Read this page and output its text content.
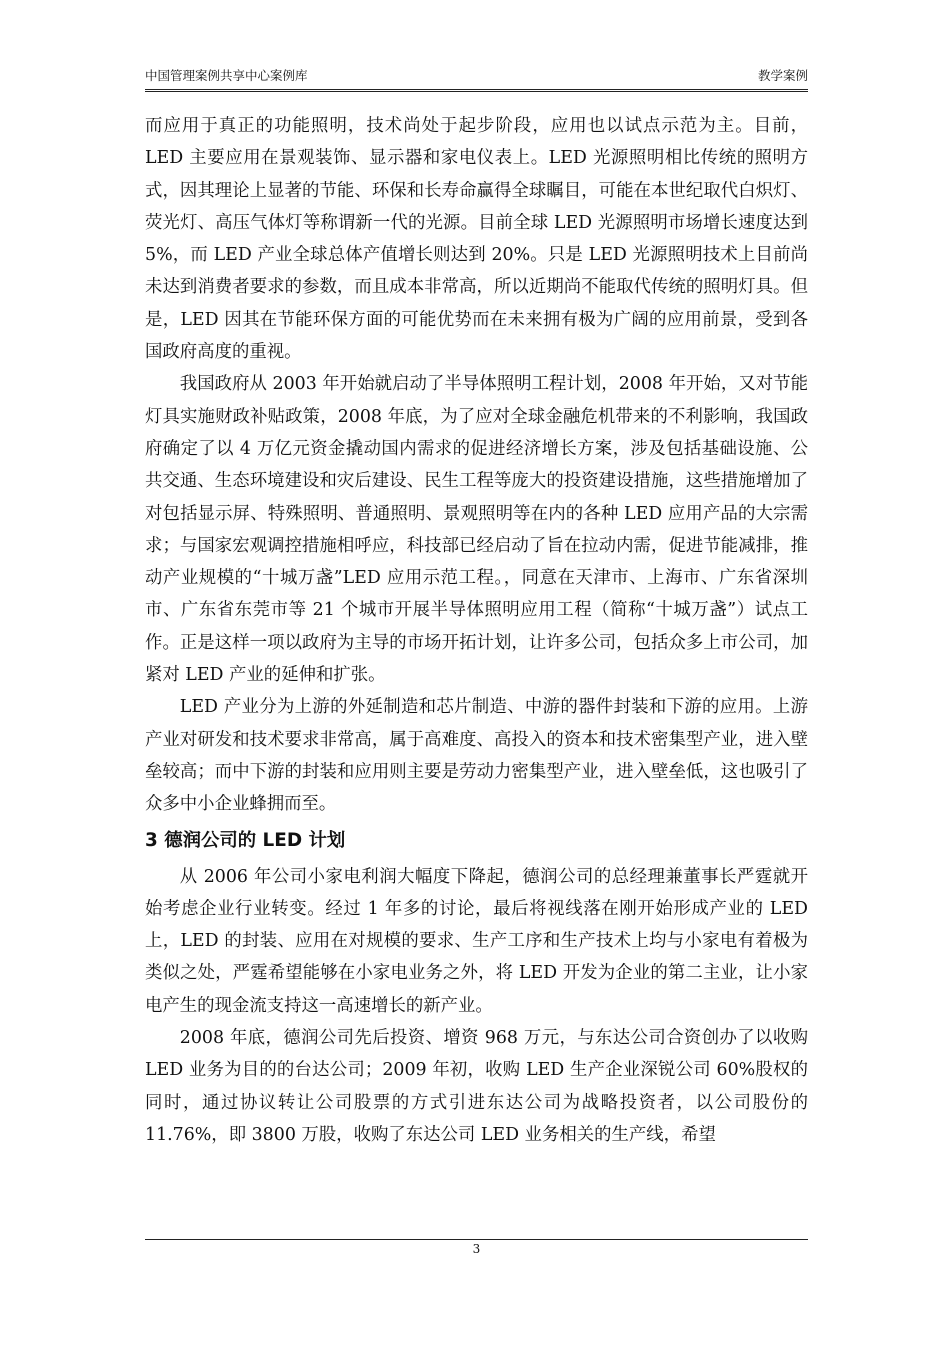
中国管理案例共享中心案例库	教学案例

而应用于真正的功能照明，技术尚处于起步阶段，应用也以试点示范为主。目前，LED 主要应用在景观装饰、显示器和家电仪表上。LED 光源照明相比传统的照明方式，因其理论上显著的节能、环保和长寿命赢得全球瞩目，可能在本世纪取代白炽灯、荧光灯、高压气体灯等称谓新一代的光源。目前全球 LED 光源照明市场增长速度达到 5%，而 LED 产业全球总体产值增长则达到 20%。只是 LED 光源照明技术上目前尚未达到消费者要求的参数，而且成本非常高，所以近期尚不能取代传统的照明灯具。但是，LED 因其在节能环保方面的可能优势而在未来拥有极为广阔的应用前景，受到各国政府高度的重视。

我国政府从 2003 年开始就启动了半导体照明工程计划，2008 年开始，又对节能灯具实施财政补贴政策，2008 年底，为了应对全球金融危机带来的不利影响，我国政府确定了以 4 万亿元资金撬动国内需求的促进经济增长方案，涉及包括基础设施、公共交通、生态环境建设和灾后建设、民生工程等庞大的投资建设措施，这些措施增加了对包括显示屏、特殊照明、普通照明、景观照明等在内的各种 LED 应用产品的大宗需求；与国家宏观调控措施相呼应，科技部已经启动了旨在拉动内需，促进节能减排，推动产业规模的“十城万盏”LED 应用示范工程。，同意在天津市、上海市、广东省深圳市、广东省东莞市等 21 个城市开展半导体照明应用工程（简称“十城万盏”）试点工作。正是这样一项以政府为主导的市场开拓计划，让许多公司，包括众多上市公司，加紧对 LED 产业的延伸和扩张。

LED 产业分为上游的外延制造和芯片制造、中游的器件封装和下游的应用。上游产业对研发和技术要求非常高，属于高难度、高投入的资本和技术密集型产业，进入壁垒较高；而中下游的封装和应用则主要是劳动力密集型产业，进入壁垒低，这也吸引了众多中小企业蜂拥而至。

3 德润公司的 LED 计划

从 2006 年公司小家电利润大幅度下降起，德润公司的总经理兼董事长严霆就开始考虑企业行业转变。经过 1 年多的讨论，最后将视线落在刚开始形成产业的 LED 上，LED 的封装、应用在对规模的要求、生产工序和生产技术上均与小家电有着极为类似之处，严霆希望能够在小家电业务之外，将 LED 开发为企业的第二主业，让小家电产生的现金流支持这一高速增长的新产业。

2008 年底，德润公司先后投资、增资 968 万元，与东达公司合资创办了以收购 LED 业务为目的的台达公司；2009 年初，收购 LED 生产企业深锐公司 60%股权的同时，通过协议转让公司股票的方式引进东达公司为战略投资者，以公司股份的 11.76%，即 3800 万股，收购了东达公司 LED 业务相关的生产线，希望

3
